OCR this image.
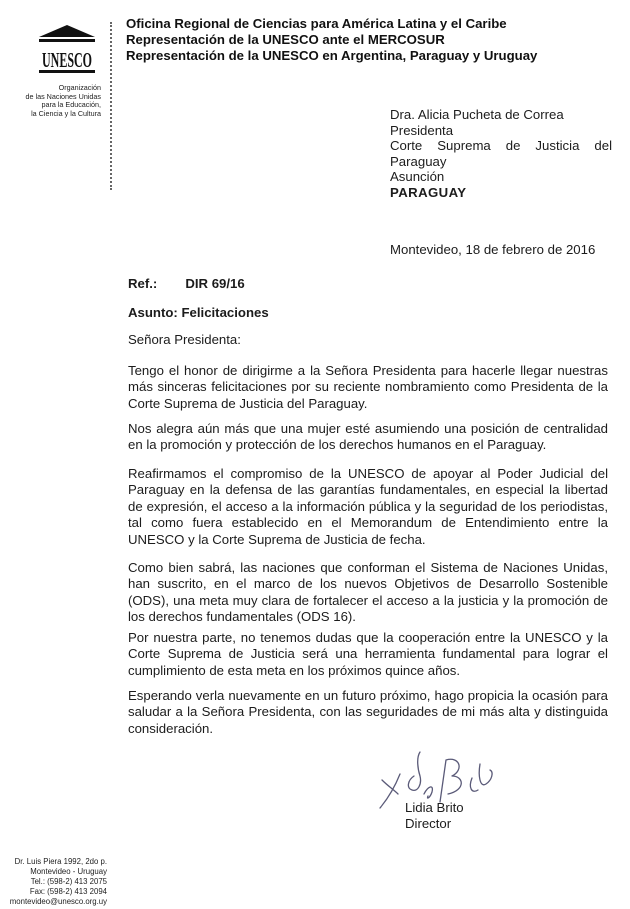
UNESCO
Organización
de las Naciones Unidas
para la Educación,
la Ciencia y la Cultura
Oficina Regional de Ciencias para América Latina y el Caribe
Representación de la UNESCO ante el MERCOSUR
Representación de la UNESCO en Argentina, Paraguay y Uruguay
Dra. Alicia Pucheta de Correa
Presidenta
Corte Suprema de Justicia del
Paraguay
Asunción
PARAGUAY
Montevideo, 18 de febrero de 2016
Ref.: DIR 69/16
Asunto: Felicitaciones
Señora Presidenta:
Tengo el honor de dirigirme a la Señora Presidenta para hacerle llegar nuestras más sinceras felicitaciones por su reciente nombramiento como Presidenta de la Corte Suprema de Justicia del Paraguay.
Nos alegra aún más que una mujer esté asumiendo una posición de centralidad en la promoción y protección de los derechos humanos en el Paraguay.
Reafirmamos el compromiso de la UNESCO de apoyar al Poder Judicial del Paraguay en la defensa de las garantías fundamentales, en especial la libertad de expresión, el acceso a la información pública y la seguridad de los periodistas, tal como fuera establecido en el Memorandum de Entendimiento entre la UNESCO y la Corte Suprema de Justicia de fecha.
Como bien sabrá, las naciones que conforman el Sistema de Naciones Unidas, han suscrito, en el marco de los nuevos Objetivos de Desarrollo Sostenible (ODS), una meta muy clara de fortalecer el acceso a la justicia y la promoción de los derechos fundamentales (ODS 16).
Por nuestra parte, no tenemos dudas que la cooperación entre la UNESCO y la Corte Suprema de Justicia será una herramienta fundamental para lograr el cumplimiento de esta meta en los próximos quince años.
Esperando verla nuevamente en un futuro próximo, hago propicia la ocasión para saludar a la Señora Presidenta, con las seguridades de mi más alta y distinguida consideración.
Lidia Brito
Director
Dr. Luis Piera 1992, 2do p.
Montevideo - Uruguay
Tel.: (598-2) 413 2075
Fax: (598-2) 413 2094
montevideo@unesco.org.uy
